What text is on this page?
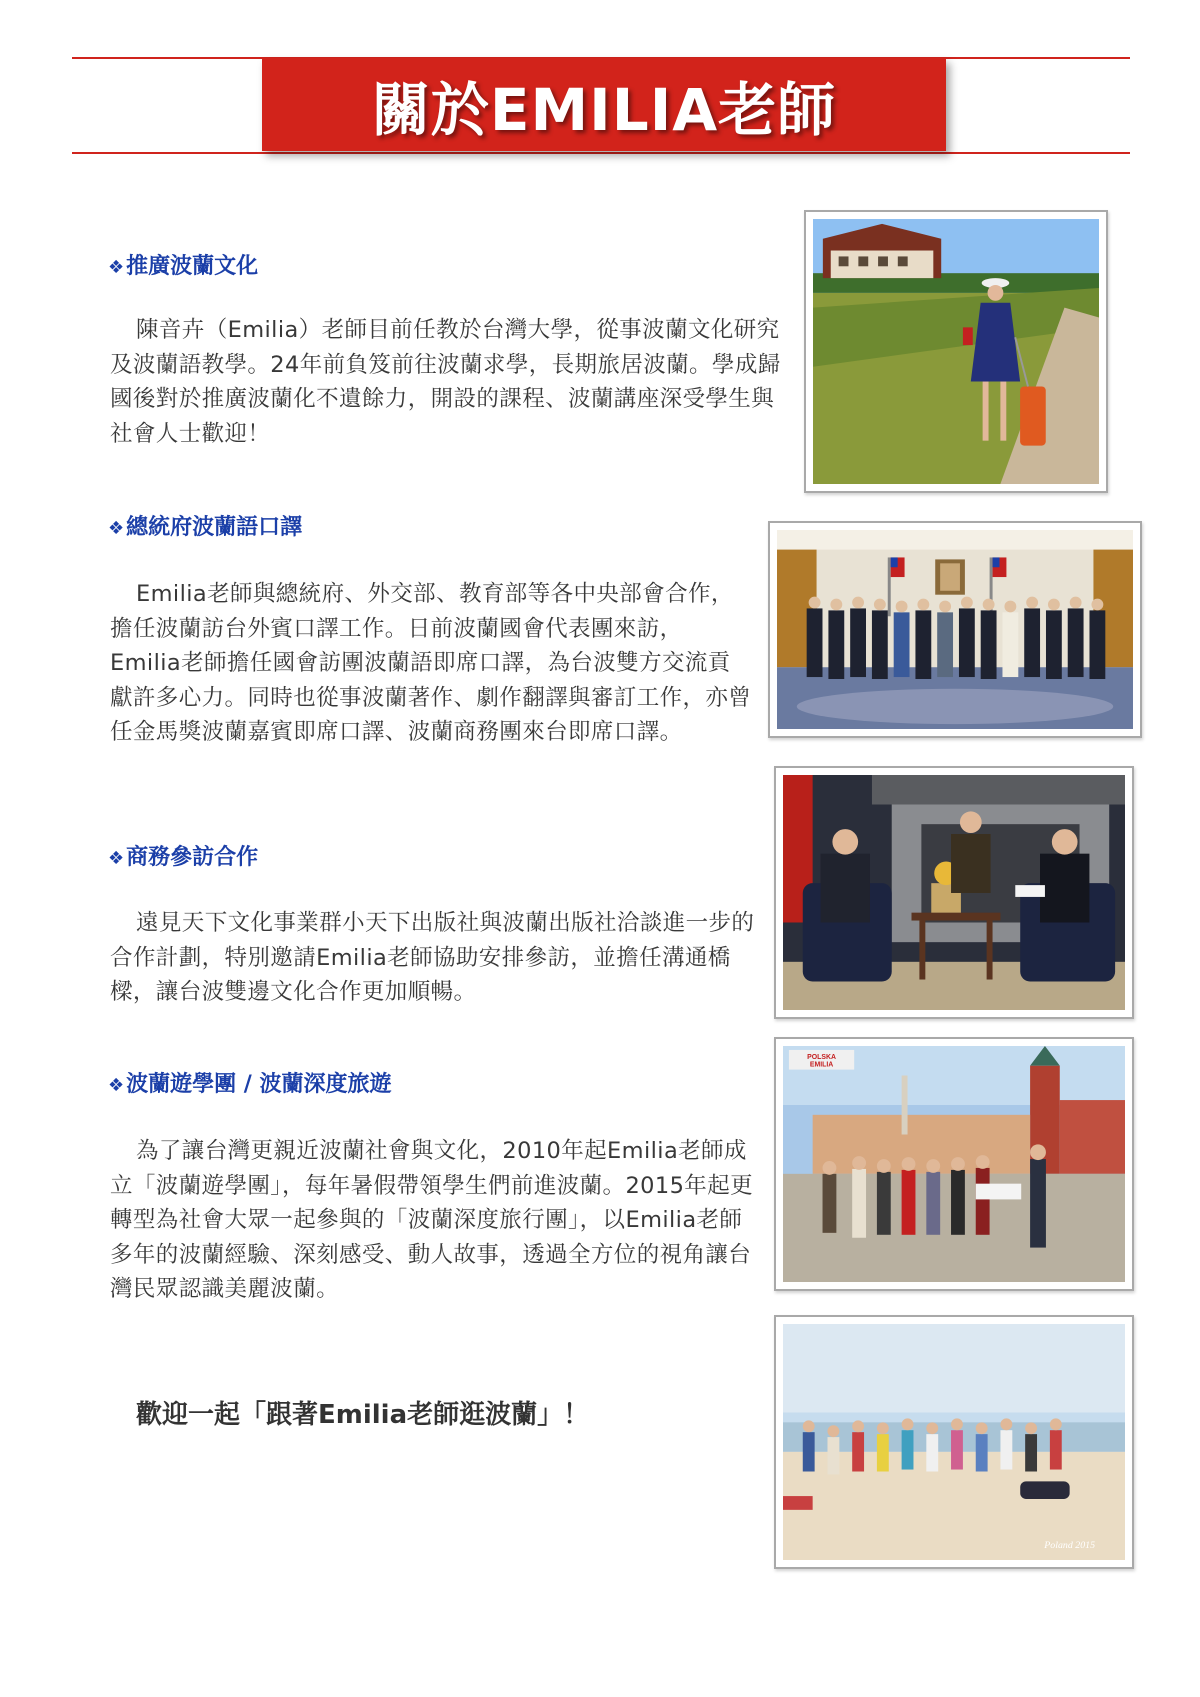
關於EMILIA老師
❖推廣波蘭文化

陳音卉（Emilia）老師目前任教於台灣大學，從事波蘭文化研究及波蘭語教學。24年前負笈前往波蘭求學，長期旅居波蘭。學成歸國後對於推廣波蘭化不遺餘力，開設的課程、波蘭講座深受學生與社會人士歡迎！

❖總統府波蘭語口譯

Emilia老師與總統府、外交部、教育部等各中央部會合作，擔任波蘭訪台外賓口譯工作。日前波蘭國會代表團來訪，Emilia老師擔任國會訪團波蘭語即席口譯，為台波雙方交流貢獻許多心力。同時也從事波蘭著作、劇作翻譯與審訂工作，亦曾任金馬獎波蘭嘉賓即席口譯、波蘭商務團來台即席口譯。

❖商務參訪合作

遠見天下文化事業群小天下出版社與波蘭出版社洽談進一步的合作計劃，特別邀請Emilia老師協助安排參訪，並擔任溝通橋樑，讓台波雙邊文化合作更加順暢。

❖波蘭遊學團 / 波蘭深度旅遊

為了讓台灣更親近波蘭社會與文化，2010年起Emilia老師成立「波蘭遊學團」，每年暑假帶領學生們前進波蘭。2015年起更轉型為社會大眾一起參與的「波蘭深度旅行團」，以Emilia老師多年的波蘭經驗、深刻感受、動人故事，透過全方位的視角讓台灣民眾認識美麗波蘭。

歡迎一起「跟著Emilia老師逛波蘭」！
POLSKA
EMILIA
Poland 2015
